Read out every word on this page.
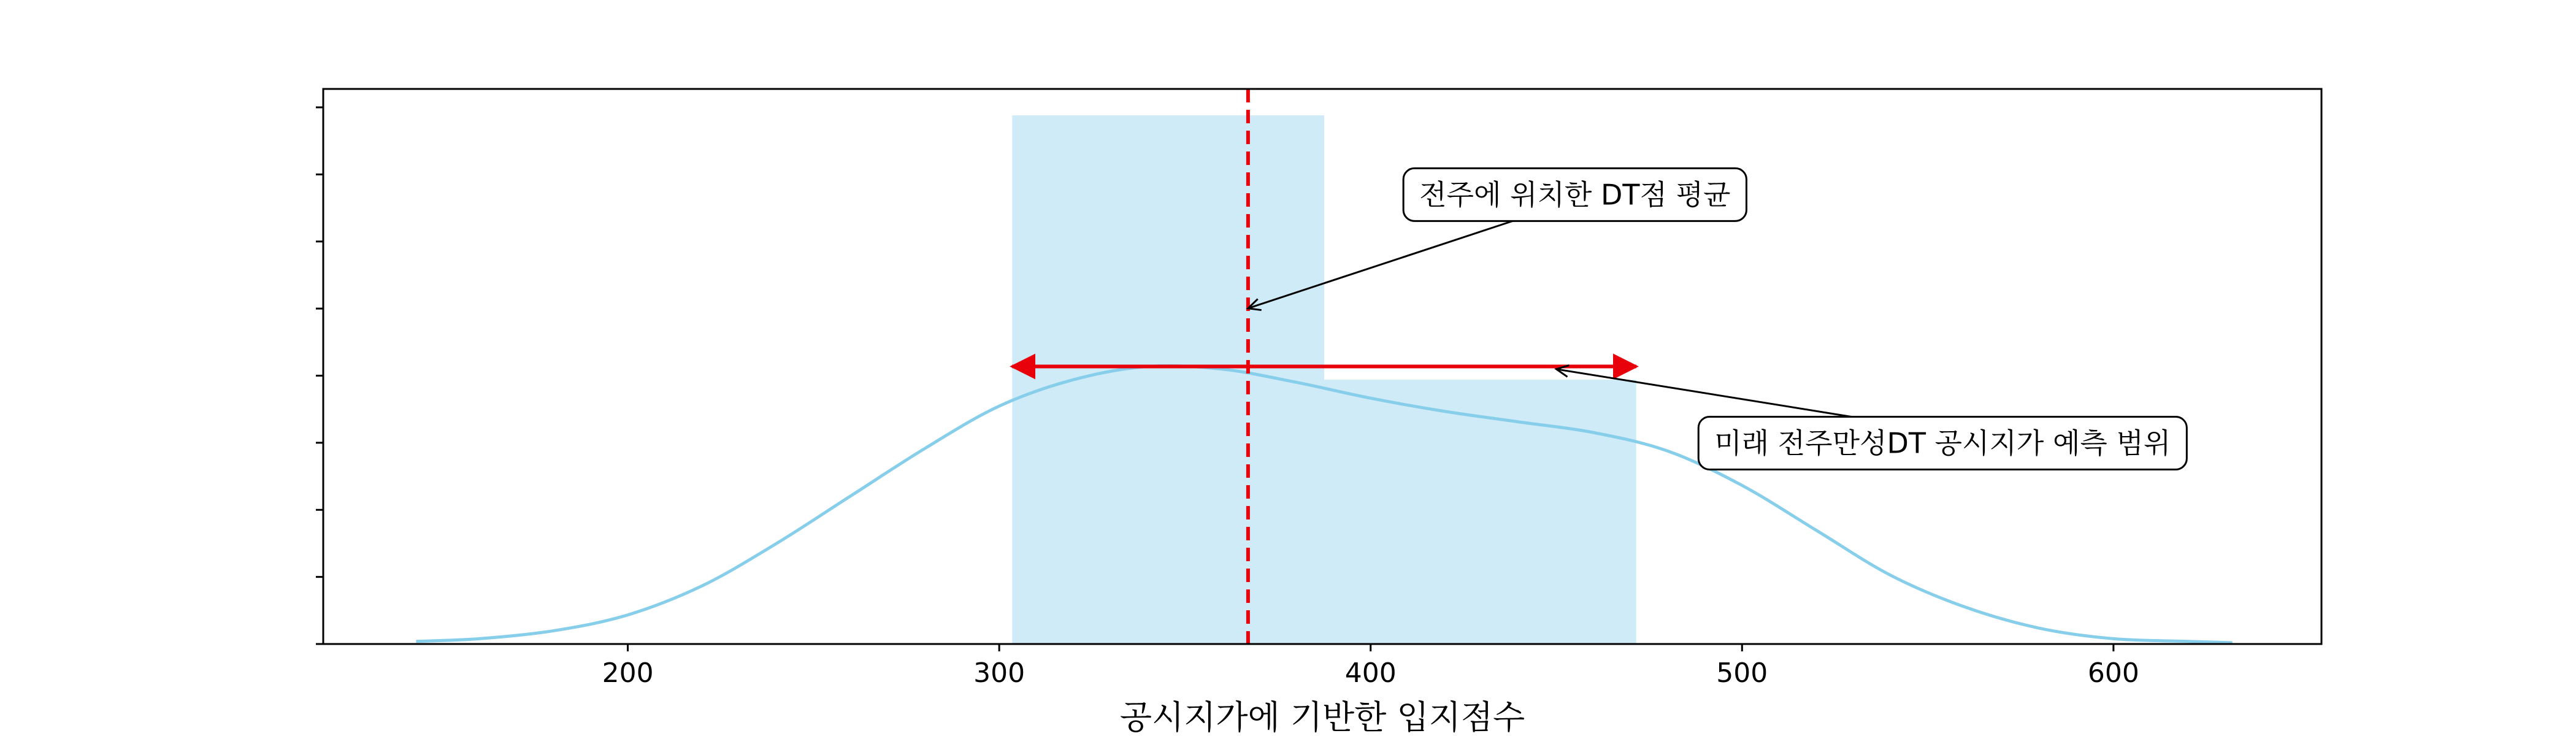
200	300	400	500	600
공시지가에 기반한 입지점수
전주에 위치한 DT점 평균
미래 전주만성DT 공시지가 예측 범위
